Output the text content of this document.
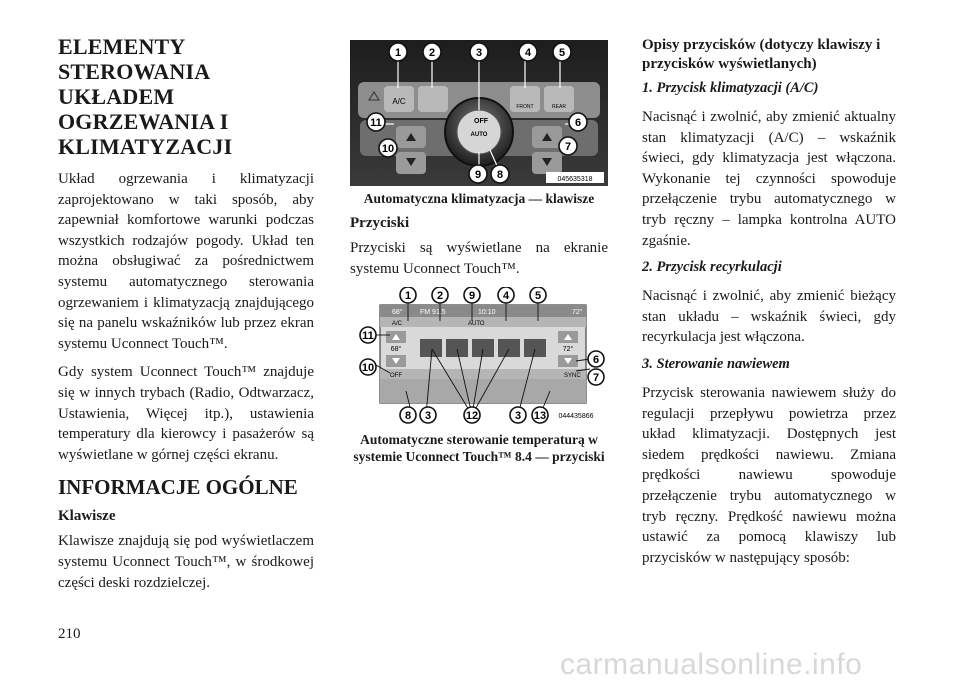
ELEMENTY STEROWANIA UKŁADEM OGRZEWANIA I KLIMATYZACJI

Układ ogrzewania i klimatyzacji zaprojektowano w taki sposób, aby zapewniał komfortowe warunki podczas wszystkich rodzajów pogody. Układ ten można obsługiwać za pośrednictwem systemu automatycznego sterowania ogrzewaniem i klimatyzacją znajdującego się na panelu wskaźników lub przez ekran systemu Uconnect Touch™.

Gdy system Uconnect Touch™ znajduje się w innych trybach (Radio, Odtwarzacz, Ustawienia, Więcej itp.), ustawienia temperatury dla kierowcy i pasażerów są wyświetlane w górnej części ekranu.

INFORMACJE OGÓLNE
Klawisze

Klawisze znajdują się pod wyświetlaczem systemu Uconnect Touch™, w środkowej części deski rozdzielczej.

A/C
FRONT	REAR
OFF
AUTO
045635318
1	2	3	4	5
6
7
8
9
10
11
Automatyczna klimatyzacja — klawisze
Przyciski

Przyciski są wyświetlane na ekranie systemu Uconnect Touch™.

68° FM 91.5	10:10	72°
A/C	AUTO
68°	72°
OFF	SYNC
1 2 9	4 5
11
6
10
7
8 3	12	3 13 044435866
Automatyczne sterowanie temperaturą w systemie Uconnect Touch™ 8.4 — przyciski
Opisy przycisków (dotyczy klawiszy i przycisków wyświetlanych)
1. Przycisk klimatyzacji (A/C)

Nacisnąć i zwolnić, aby zmienić aktualny stan klimatyzacji (A/C) – wskaźnik świeci, gdy klimatyzacja jest włączona. Wykonanie tej czynności spowoduje przełączenie trybu automatycznego w tryb ręczny – lampka kontrolna AUTO zgaśnie.

2. Przycisk recyrkulacji

Nacisnąć i zwolnić, aby zmienić bieżący stan układu – wskaźnik świeci, gdy recyrkulacja jest włączona.

3. Sterowanie nawiewem

Przycisk sterowania nawiewem służy do regulacji przepływu powietrza przez układ klimatyzacji. Dostępnych jest siedem prędkości nawiewu. Zmiana prędkości nawiewu spowoduje przełączenie trybu automatycznego w tryb ręczny. Prędkość nawiewu można ustawić za pomocą klawiszy lub przycisków w następujący sposób:

210
carmanualsonline.info
